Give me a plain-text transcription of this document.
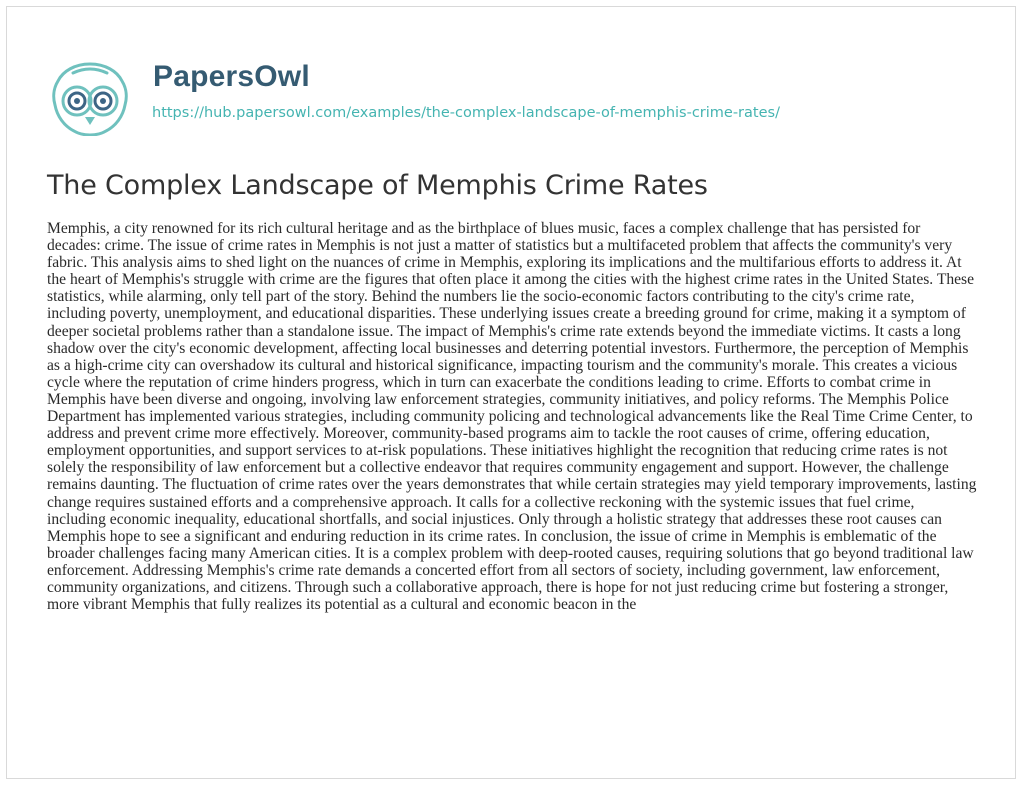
PapersOwl
https://hub.papersowl.com/examples/the-complex-landscape-of-memphis-crime-rates/
The Complex Landscape of Memphis Crime Rates

Memphis, a city renowned for its rich cultural heritage and as the birthplace of blues music, faces a complex challenge that has persisted for decades: crime. The issue of crime rates in Memphis is not just a matter of statistics but a multifaceted problem that affects the community's very fabric. This analysis aims to shed light on the nuances of crime in Memphis, exploring its implications and the multifarious efforts to address it. At the heart of Memphis's struggle with crime are the figures that often place it among the cities with the highest crime rates in the United States. These statistics, while alarming, only tell part of the story. Behind the numbers lie the socio-economic factors contributing to the city's crime rate, including poverty, unemployment, and educational disparities. These underlying issues create a breeding ground for crime, making it a symptom of deeper societal problems rather than a standalone issue. The impact of Memphis's crime rate extends beyond the immediate victims. It casts a long shadow over the city's economic development, affecting local businesses and deterring potential investors. Furthermore, the perception of Memphis as a high-crime city can overshadow its cultural and historical significance, impacting tourism and the community's morale. This creates a vicious cycle where the reputation of crime hinders progress, which in turn can exacerbate the conditions leading to crime. Efforts to combat crime in Memphis have been diverse and ongoing, involving law enforcement strategies, community initiatives, and policy reforms. The Memphis Police Department has implemented various strategies, including community policing and technological advancements like the Real Time Crime Center, to address and prevent crime more effectively. Moreover, community-based programs aim to tackle the root causes of crime, offering education, employment opportunities, and support services to at-risk populations. These initiatives highlight the recognition that reducing crime rates is not solely the responsibility of law enforcement but a collective endeavor that requires community engagement and support. However, the challenge remains daunting. The fluctuation of crime rates over the years demonstrates that while certain strategies may yield temporary improvements, lasting change requires sustained efforts and a comprehensive approach. It calls for a collective reckoning with the systemic issues that fuel crime, including economic inequality, educational shortfalls, and social injustices. Only through a holistic strategy that addresses these root causes can Memphis hope to see a significant and enduring reduction in its crime rates. In conclusion, the issue of crime in Memphis is emblematic of the broader challenges facing many American cities. It is a complex problem with deep-rooted causes, requiring solutions that go beyond traditional law enforcement. Addressing Memphis's crime rate demands a concerted effort from all sectors of society, including government, law enforcement, community organizations, and citizens. Through such a collaborative approach, there is hope for not just reducing crime but fostering a stronger, more vibrant Memphis that fully realizes its potential as a cultural and economic beacon in the
